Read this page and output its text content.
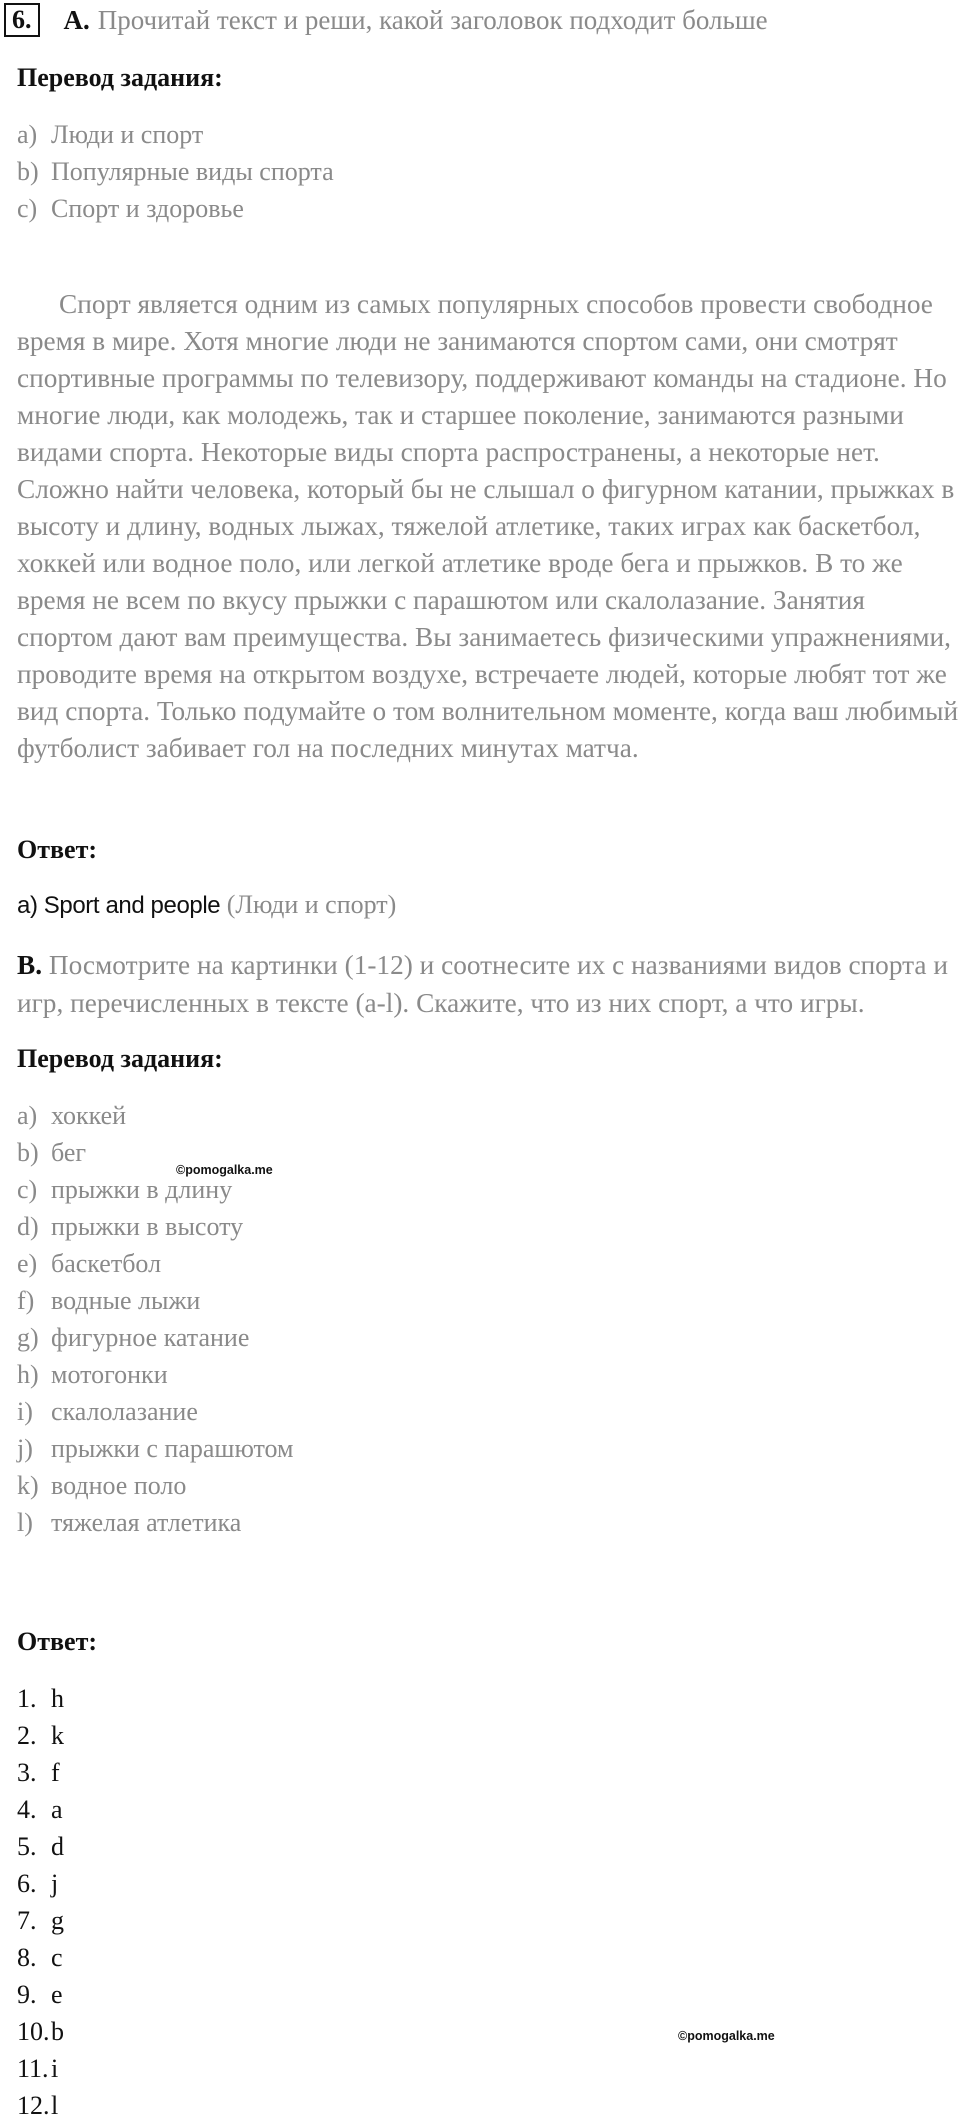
6. А. Прочитай текст и реши, какой заголовок подходит больше
Перевод задания:
a) Люди и спорт
b) Популярные виды спорта
c) Спорт и здоровье

Спорт является одним из самых популярных способов провести свободное время в мире. Хотя многие люди не занимаются спортом сами, они смотрят спортивные программы по телевизору, поддерживают команды на стадионе. Но многие люди, как молодежь, так и старшее поколение, занимаются разными видами спорта. Некоторые виды спорта распространены, а некоторые нет. Сложно найти человека, который бы не слышал о фигурном катании, прыжках в высоту и длину, водных лыжах, тяжелой атлетике, таких играх как баскетбол, хоккей или водное поло, или легкой атлетике вроде бега и прыжков. В то же время не всем по вкусу прыжки с парашютом или скалолазание. Занятия спортом дают вам преимущества. Вы занимаетесь физическими упражнениями, проводите время на открытом воздухе, встречаете людей, которые любят тот же вид спорта. Только подумайте о том волнительном моменте, когда ваш любимый футболист забивает гол на последних минутах матча.

Ответ:
a) Sport and people (Люди и спорт)

B. Посмотрите на картинки (1-12) и соотнесите их с названиями видов спорта и игр, перечисленных в тексте (a-l). Скажите, что из них спорт, а что игры.

Перевод задания:
a) хоккей
b) бег
c) прыжки в длину
d) прыжки в высоту
e) баскетбол
f) водные лыжи
g) фигурное катание
h) мотогонки
i) скалолазание
j) прыжки с парашютом
k) водное поло
l) тяжелая атлетика
©pomogalka.me
Ответ:
1. h
2. k
3. f
4. a
5. d
6. j
7. g
8. c
9. e
10. b
11. i
12. l
©pomogalka.me
